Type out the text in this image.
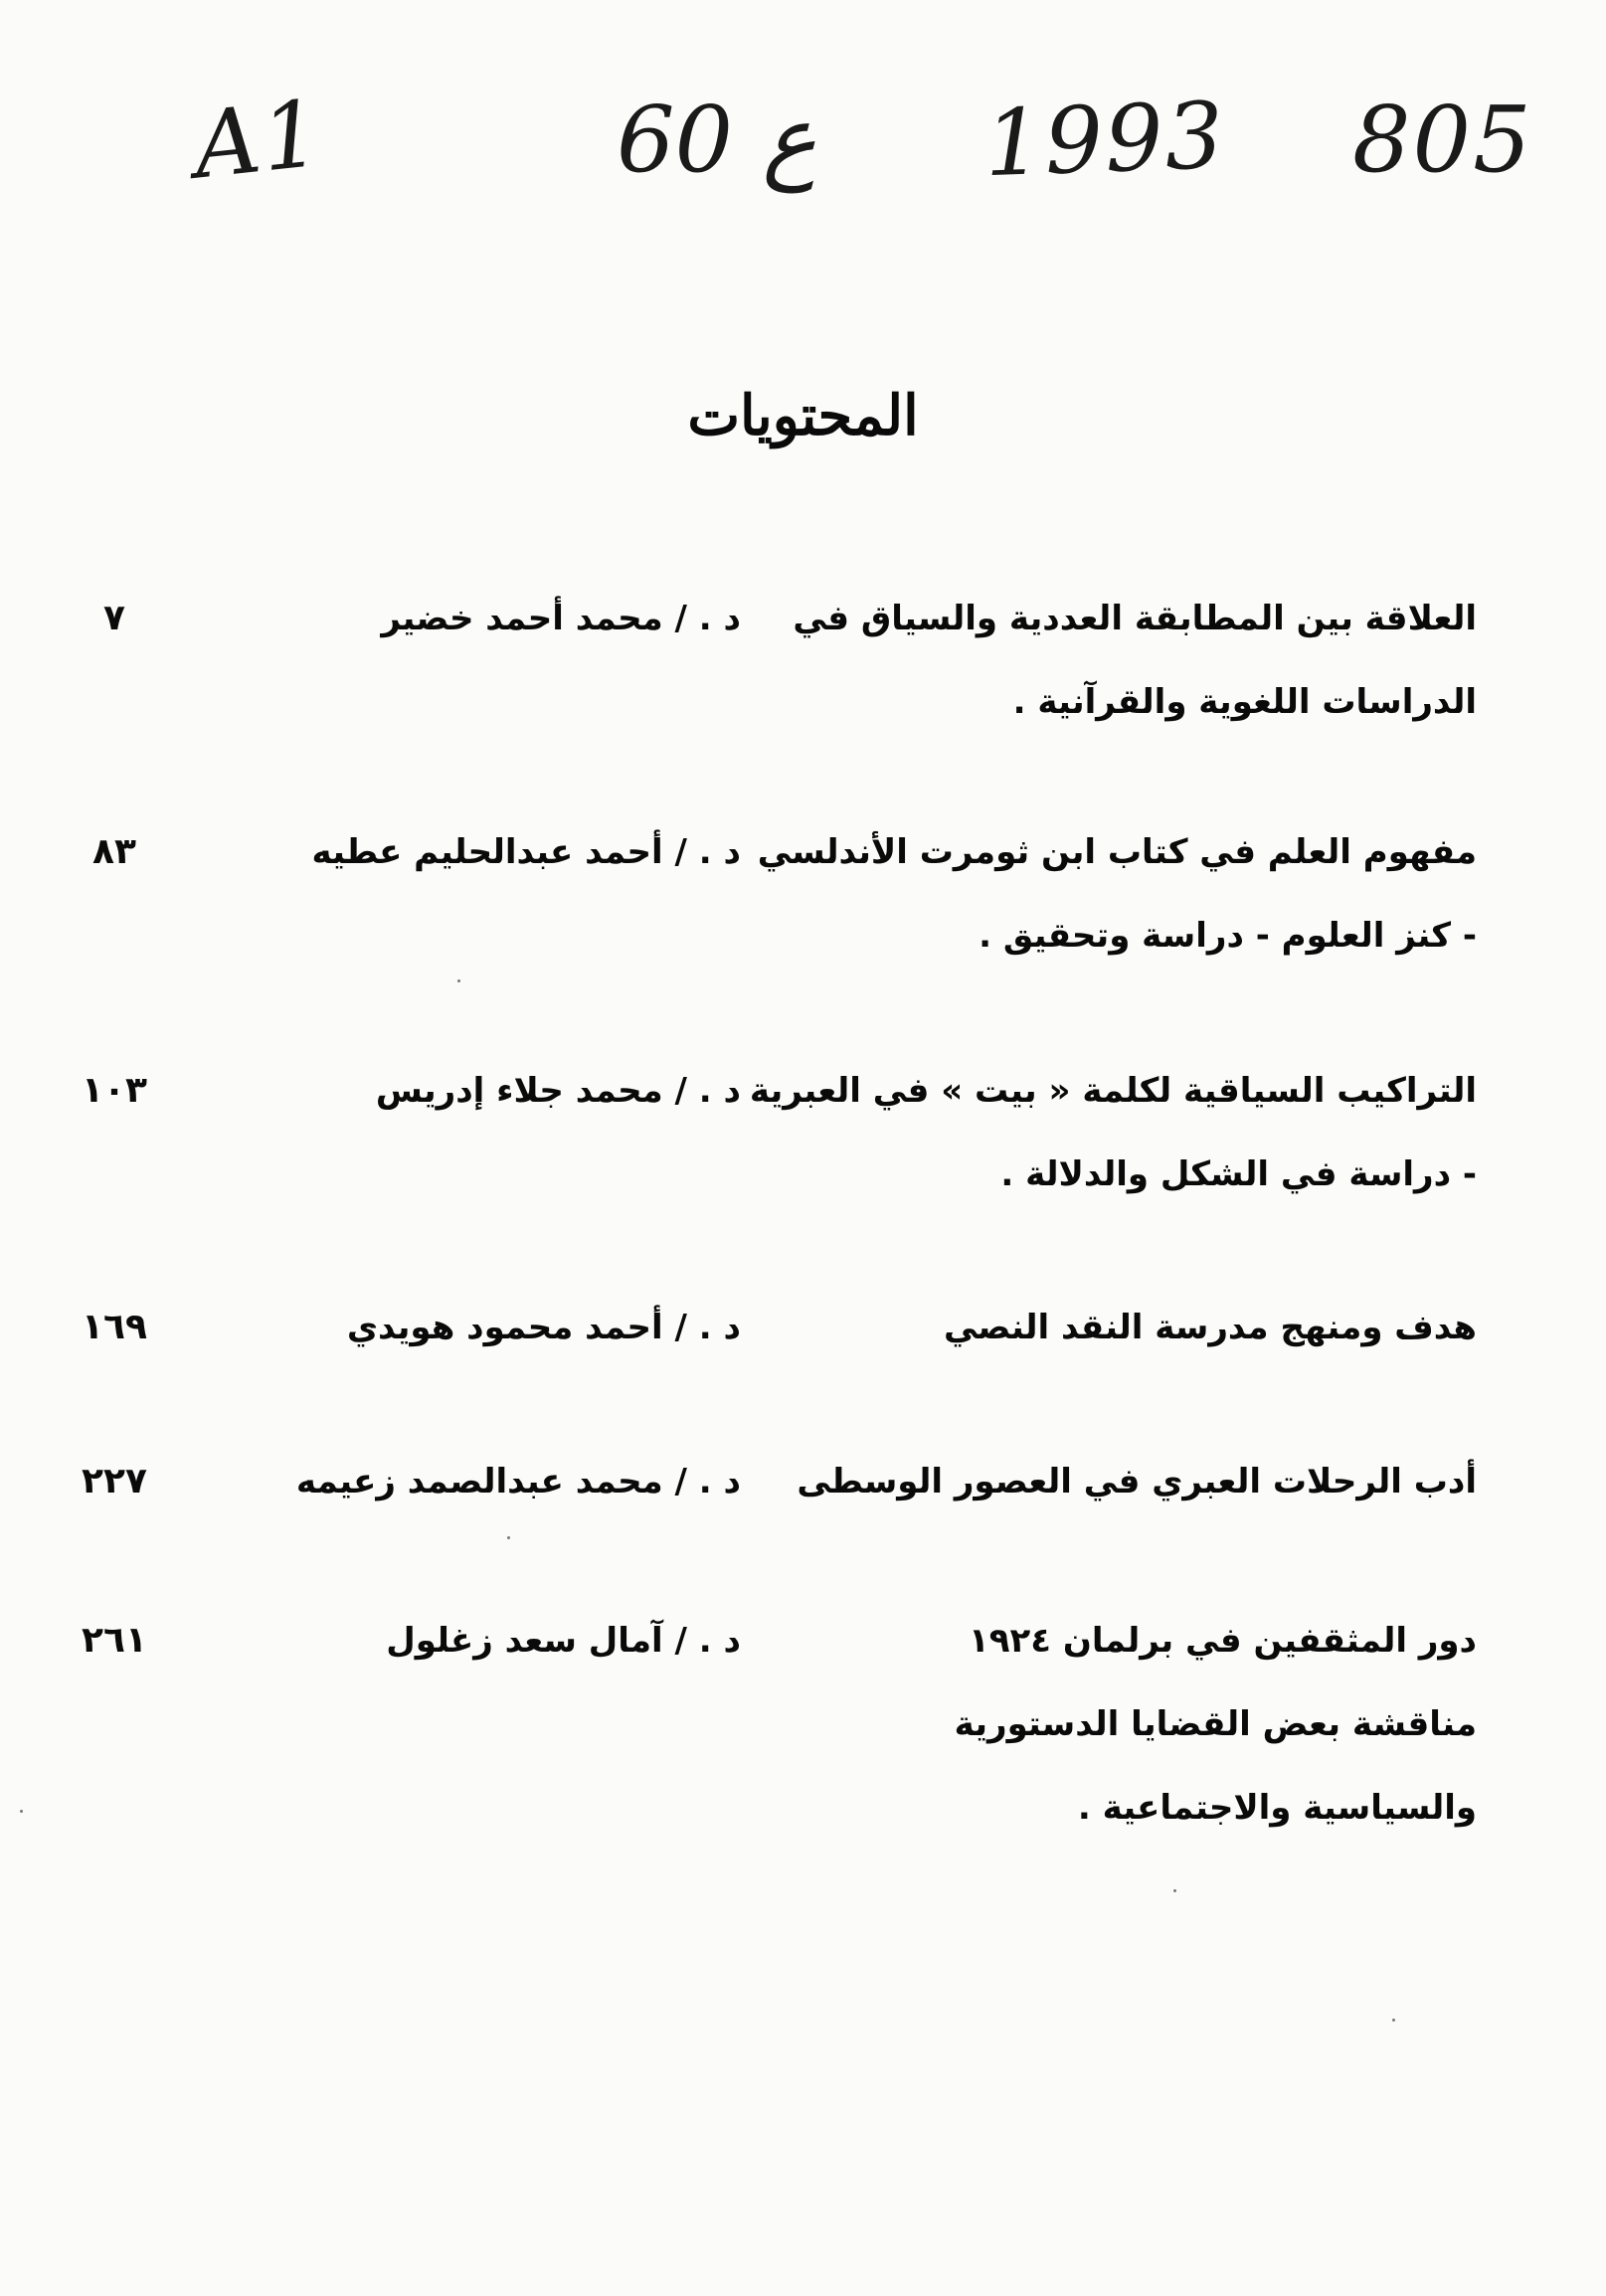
A1	60 ع 1993 805
المحتويات
العلاقة بين المطابقة العددية والسياق في
الدراسات اللغوية والقرآنية .
د . / محمد أحمد خضير
٧
مفهوم العلم في كتاب ابن ثومرت الأندلسي
- كنز العلوم - دراسة وتحقيق .
د . / أحمد عبدالحليم عطيه
٨٣
التراكيب السياقية لكلمة « بيت » في العبرية
- دراسة في الشكل والدلالة .
د . / محمد جلاء إدريس
١٠٣
هدف ومنهج مدرسة النقد النصي
د . / أحمد محمود هويدي
١٦٩
أدب الرحلات العبري في العصور الوسطى
د . / محمد عبدالصمد زعيمه
٢٢٧
دور المثقفين في برلمان ١٩٢٤
مناقشة بعض القضايا الدستورية
والسياسية والاجتماعية .
د . / آمال سعد زغلول
٢٦١
